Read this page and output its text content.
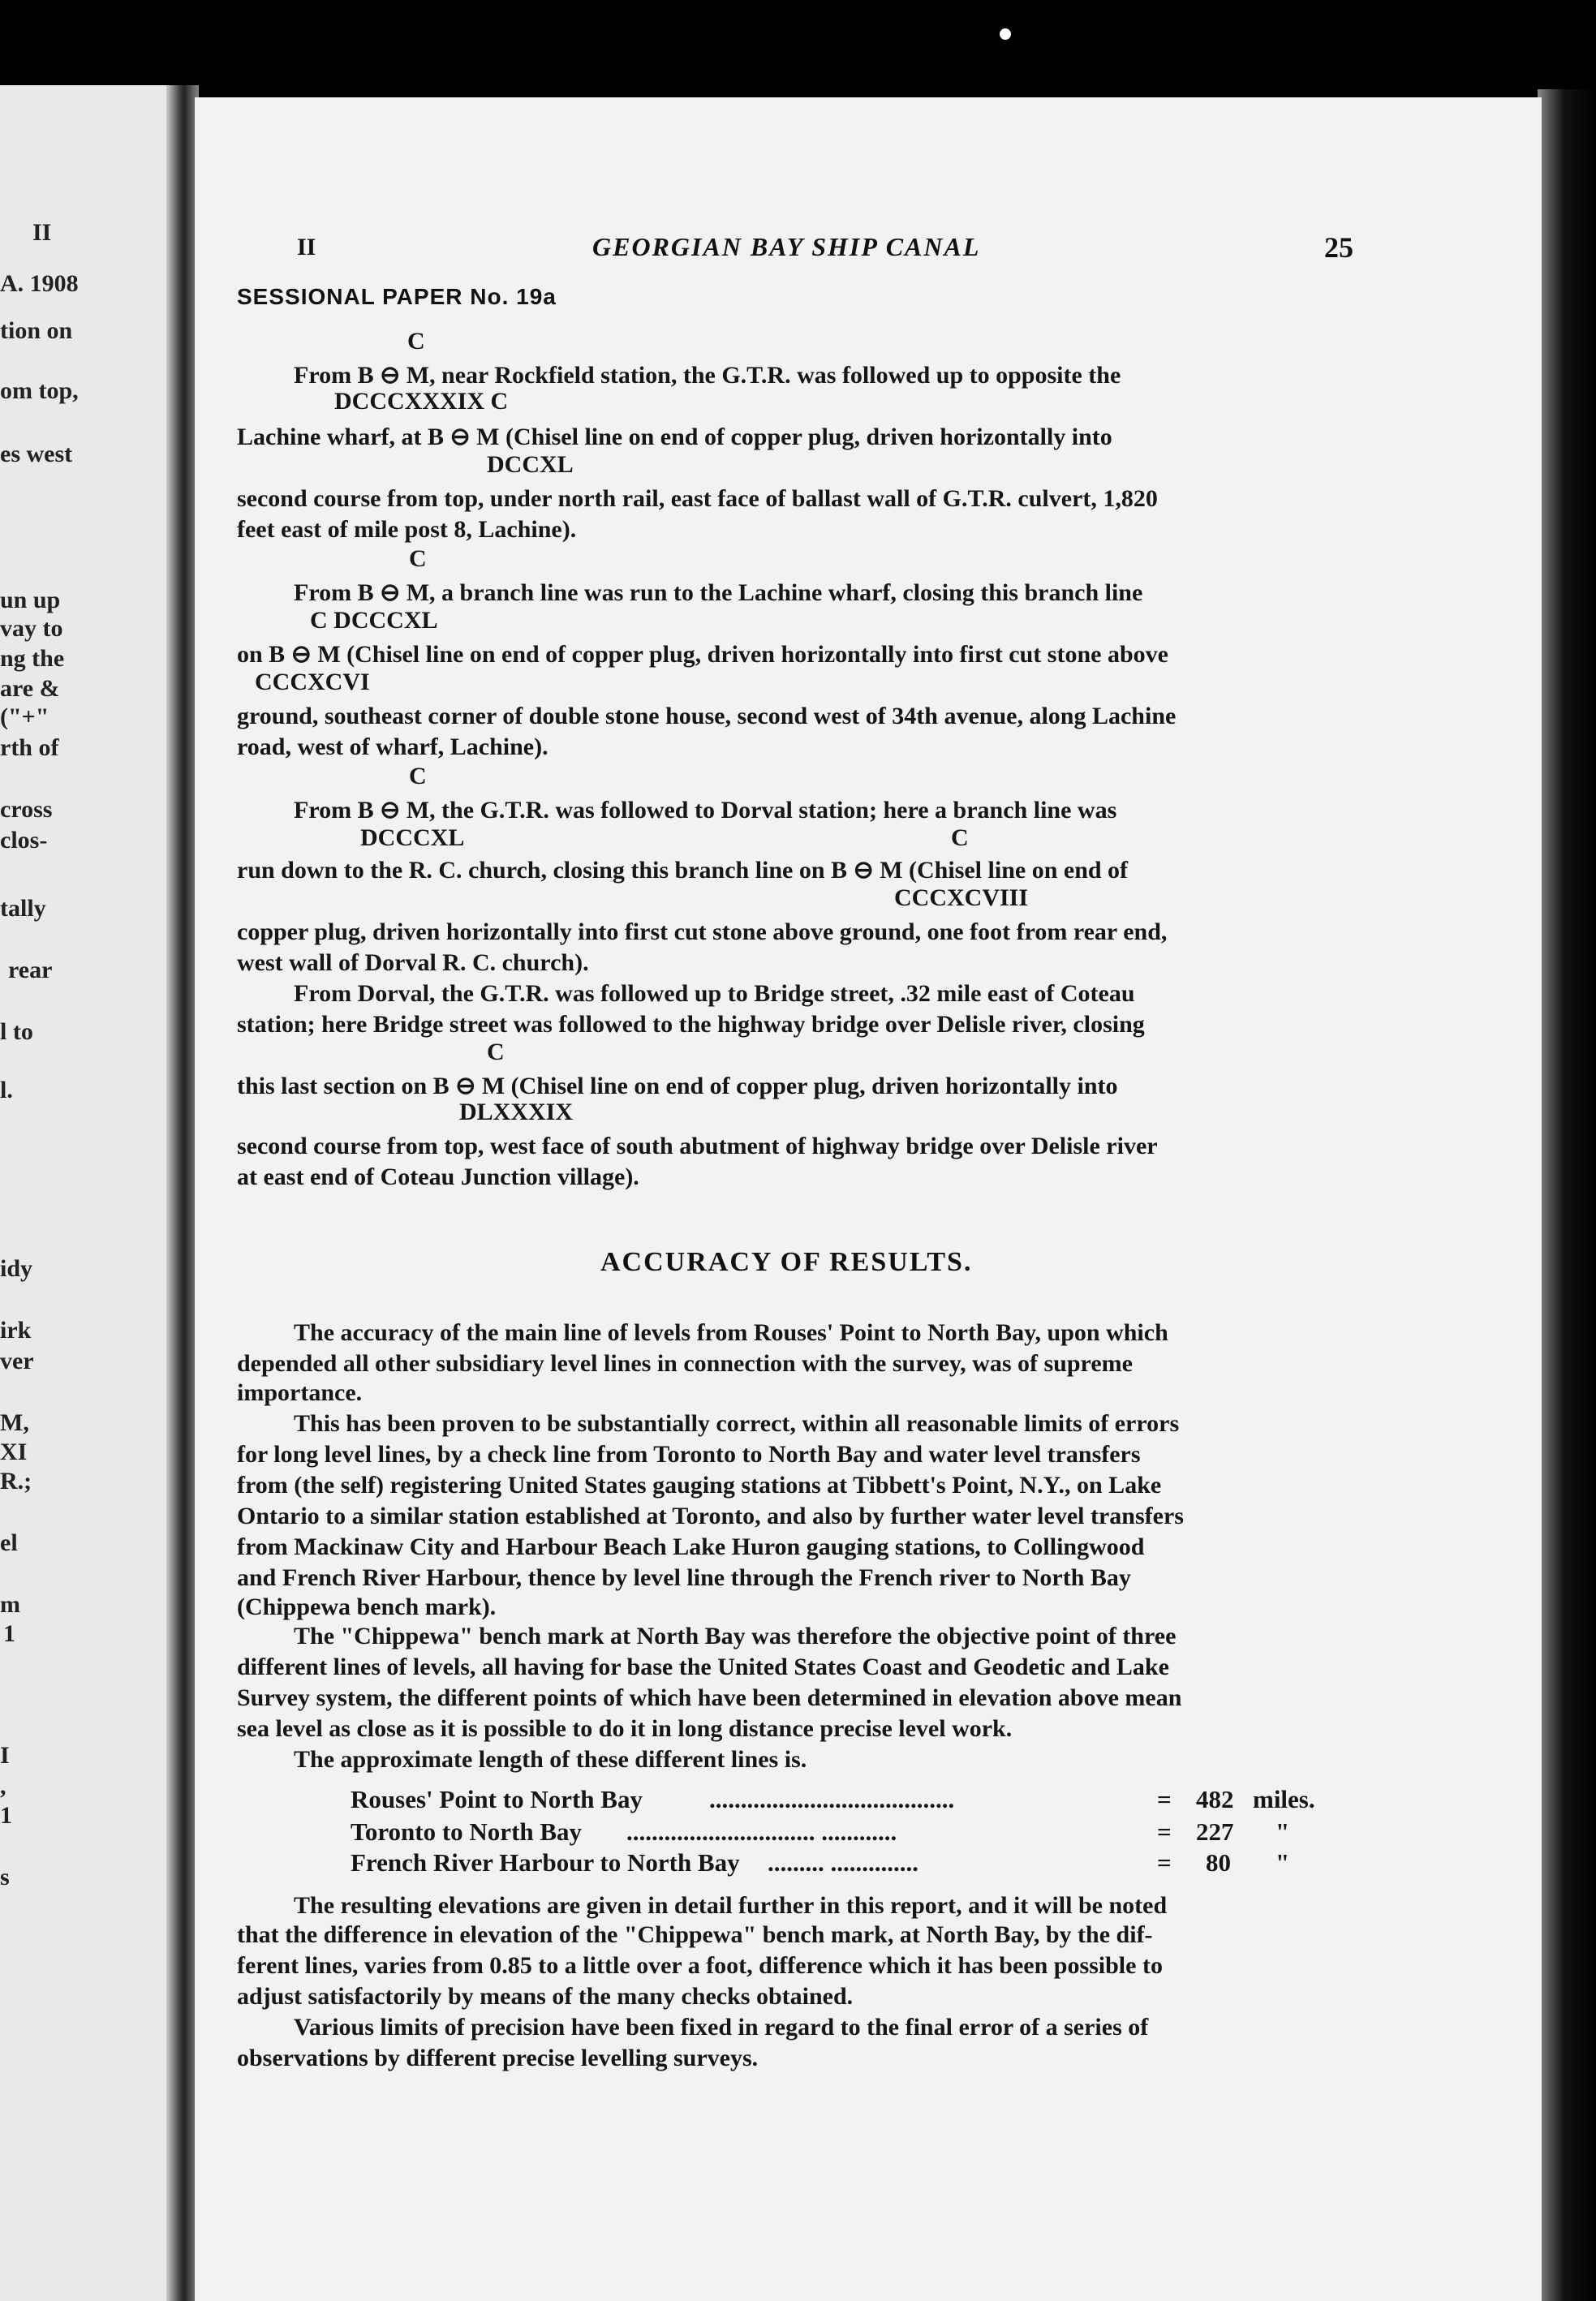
II
A. 1908
tion on
om top,
es west
un up
vay to
ng the
are &
("+"
rth of
cross
clos-
tally
rear
l to
l.
idy
irk
ver
M,
XI
R.;
el
m
1
I
,
1
s
II	GEORGIAN BAY SHIP CANAL	25
SESSIONAL PAPER No. 19a
C
From B ⊖ M, near Rockfield station, the G.T.R. was followed up to opposite the
DCCCXXXIX C
Lachine wharf, at B ⊖ M (Chisel line on end of copper plug, driven horizontally into
DCCXL
second course from top, under north rail, east face of ballast wall of G.T.R. culvert, 1,820
feet east of mile post 8, Lachine).
C
From B ⊖ M, a branch line was run to the Lachine wharf, closing this branch line
C DCCCXL
on B ⊖ M (Chisel line on end of copper plug, driven horizontally into first cut stone above
CCCXCVI
ground, southeast corner of double stone house, second west of 34th avenue, along Lachine
road, west of wharf, Lachine).
C
From B ⊖ M, the G.T.R. was followed to Dorval station; here a branch line was
DCCCXL	C
run down to the R. C. church, closing this branch line on B ⊖ M (Chisel line on end of
CCCXCVIII
copper plug, driven horizontally into first cut stone above ground, one foot from rear end,
west wall of Dorval R. C. church).
From Dorval, the G.T.R. was followed up to Bridge street, .32 mile east of Coteau
station; here Bridge street was followed to the highway bridge over Delisle river, closing
C
this last section on B ⊖ M (Chisel line on end of copper plug, driven horizontally into
DLXXXIX
second course from top, west face of south abutment of highway bridge over Delisle river
at east end of Coteau Junction village).
ACCURACY OF RESULTS.
The accuracy of the main line of levels from Rouses' Point to North Bay, upon which
depended all other subsidiary level lines in connection with the survey, was of supreme
importance.
This has been proven to be substantially correct, within all reasonable limits of errors
for long level lines, by a check line from Toronto to North Bay and water level transfers
from (the self) registering United States gauging stations at Tibbett's Point, N.Y., on Lake
Ontario to a similar station established at Toronto, and also by further water level transfers
from Mackinaw City and Harbour Beach Lake Huron gauging stations, to Collingwood
and French River Harbour, thence by level line through the French river to North Bay
(Chippewa bench mark).
The "Chippewa" bench mark at North Bay was therefore the objective point of three
different lines of levels, all having for base the United States Coast and Geodetic and Lake
Survey system, the different points of which have been determined in elevation above mean
sea level as close as it is possible to do it in long distance precise level work.
The approximate length of these different lines is.
Rouses' Point to North Bay	.......................................	= 482 miles.
Toronto to North Bay .............................. ............	= 227 "
French River Harbour to North Bay ......... ..............	= 80 "
The resulting elevations are given in detail further in this report, and it will be noted
that the difference in elevation of the "Chippewa" bench mark, at North Bay, by the dif-
ferent lines, varies from 0.85 to a little over a foot, difference which it has been possible to
adjust satisfactorily by means of the many checks obtained.
Various limits of precision have been fixed in regard to the final error of a series of
observations by different precise levelling surveys.
